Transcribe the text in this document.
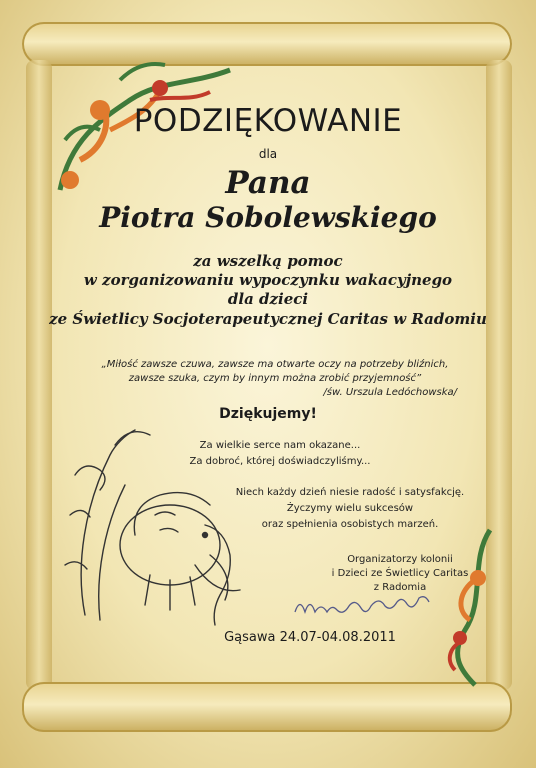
PODZIĘKOWANIE
dla
Pana
Piotra Sobolewskiego
za wszelką pomoc
w zorganizowaniu wypoczynku wakacyjnego
dla dzieci
ze Świetlicy Socjoterapeutycznej Caritas w Radomiu
„Miłość zawsze czuwa, zawsze ma otwarte oczy na potrzeby bliźnich,
zawsze szuka, czym by innym można zrobić przyjemność”
/św. Urszula Ledóchowska/
Dziękujemy!
Za wielkie serce nam okazane...
Za dobroć, której doświadczyliśmy...
Niech każdy dzień niesie radość i satysfakcję.
Życzymy wielu sukcesów
oraz spełnienia osobistych marzeń.
Organizatorzy kolonii
i Dzieci ze Świetlicy Caritas
z Radomia
Gąsawa 24.07-04.08.2011
